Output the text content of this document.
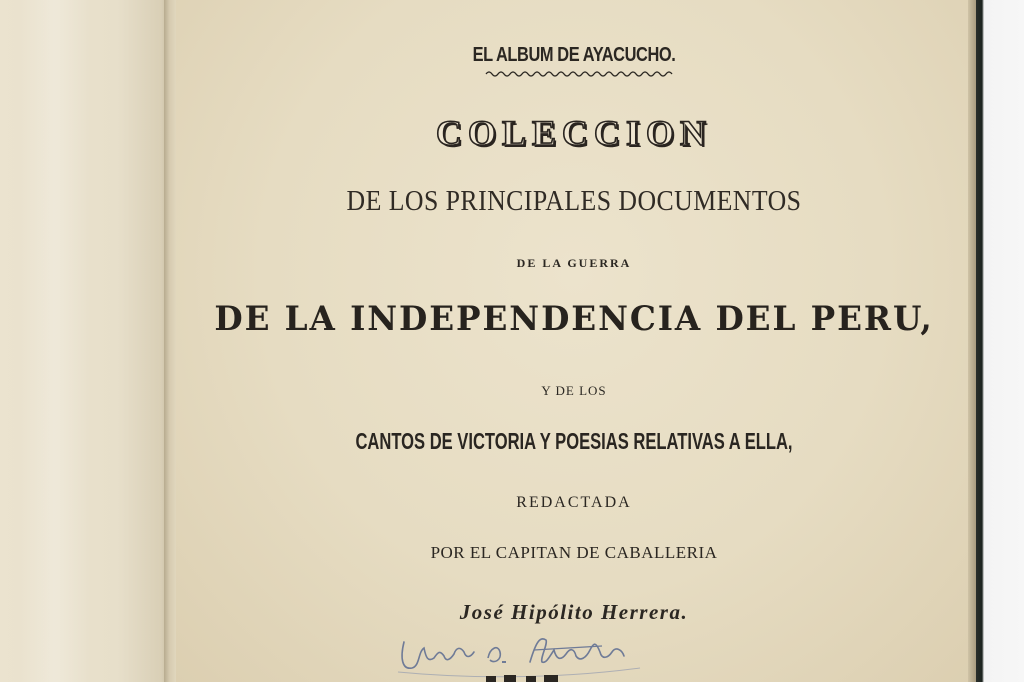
EL ALBUM DE AYACUCHO.
COLECCION
DE LOS PRINCIPALES DOCUMENTOS
DE LA GUERRA
DE LA INDEPENDENCIA DEL PERU,
Y DE LOS
CANTOS DE VICTORIA Y POESIAS RELATIVAS A ELLA,
REDACTADA
POR EL CAPITAN DE CABALLERIA
José Hipólito Herrera.
